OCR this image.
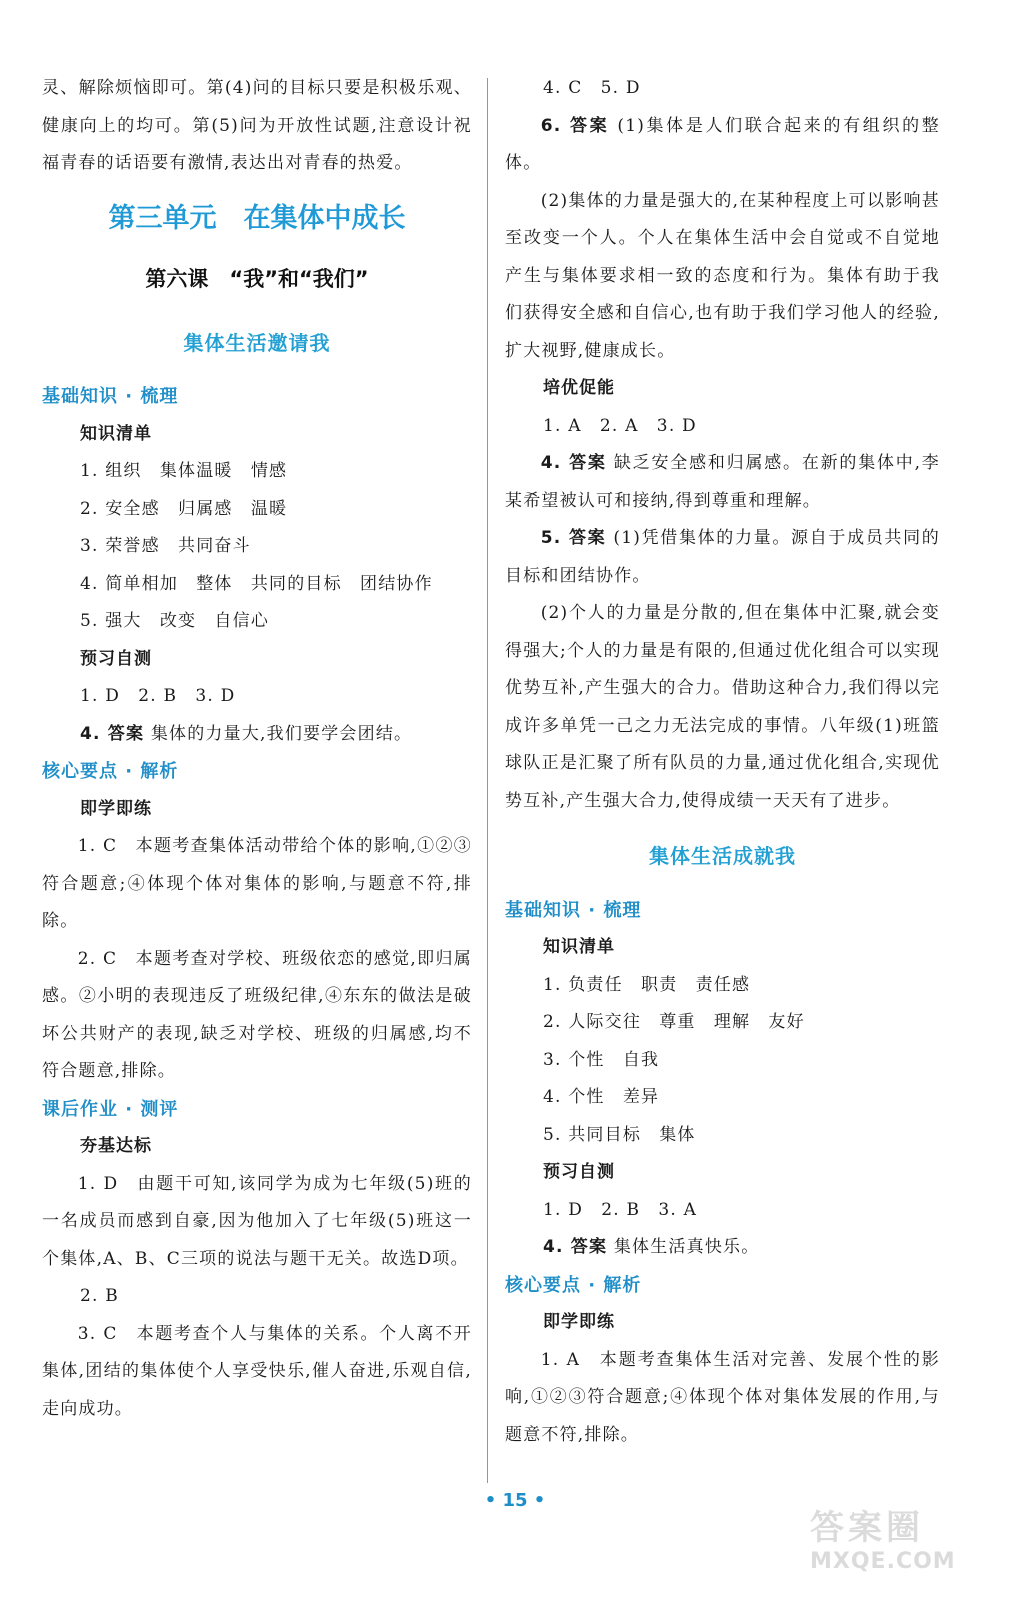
灵、解除烦恼即可。第(4)问的目标只要是积极乐观、健康向上的均可。第(5)问为开放性试题,注意设计祝福青春的话语要有激情,表达出对青春的热爱。

第三单元　在集体中成长
第六课　“我”和“我们”
集体生活邀请我
基础知识 · 梳理
知识清单

1. 组织　集体温暖　情感

2. 安全感　归属感　温暖

3. 荣誉感　共同奋斗

4. 简单相加　整体　共同的目标　团结协作

5. 强大　改变　自信心

预习自测

1. D　2. B　3. D

4. 答案 集体的力量大,我们要学会团结。

核心要点 · 解析
即学即练

1. C　本题考查集体活动带给个体的影响,①②③符合题意;④体现个体对集体的影响,与题意不符,排除。

2. C　本题考查对学校、班级依恋的感觉,即归属感。②小明的表现违反了班级纪律,④东东的做法是破坏公共财产的表现,缺乏对学校、班级的归属感,均不符合题意,排除。

课后作业 · 测评
夯基达标

1. D　由题干可知,该同学为成为七年级(5)班的一名成员而感到自豪,因为他加入了七年级(5)班这一个集体,A、B、C三项的说法与题干无关。故选D项。

2. B

3. C　本题考查个人与集体的关系。个人离不开集体,团结的集体使个人享受快乐,催人奋进,乐观自信,走向成功。

4. C　5. D

6. 答案 (1)集体是人们联合起来的有组织的整体。

(2)集体的力量是强大的,在某种程度上可以影响甚至改变一个人。个人在集体生活中会自觉或不自觉地产生与集体要求相一致的态度和行为。集体有助于我们获得安全感和自信心,也有助于我们学习他人的经验,扩大视野,健康成长。

培优促能

1. A　2. A　3. D

4. 答案 缺乏安全感和归属感。在新的集体中,李某希望被认可和接纳,得到尊重和理解。

5. 答案 (1)凭借集体的力量。源自于成员共同的目标和团结协作。

(2)个人的力量是分散的,但在集体中汇聚,就会变得强大;个人的力量是有限的,但通过优化组合可以实现优势互补,产生强大的合力。借助这种合力,我们得以完成许多单凭一己之力无法完成的事情。八年级(1)班篮球队正是汇聚了所有队员的力量,通过优化组合,实现优势互补,产生强大合力,使得成绩一天天有了进步。

集体生活成就我
基础知识 · 梳理
知识清单

1. 负责任　职责　责任感

2. 人际交往　尊重　理解　友好

3. 个性　自我

4. 个性　差异

5. 共同目标　集体

预习自测

1. D　2. B　3. A

4. 答案 集体生活真快乐。

核心要点 · 解析
即学即练

1. A　本题考查集体生活对完善、发展个性的影响,①②③符合题意;④体现个体对集体发展的作用,与题意不符,排除。

• 15 •
答案圈
MXQE.COM
